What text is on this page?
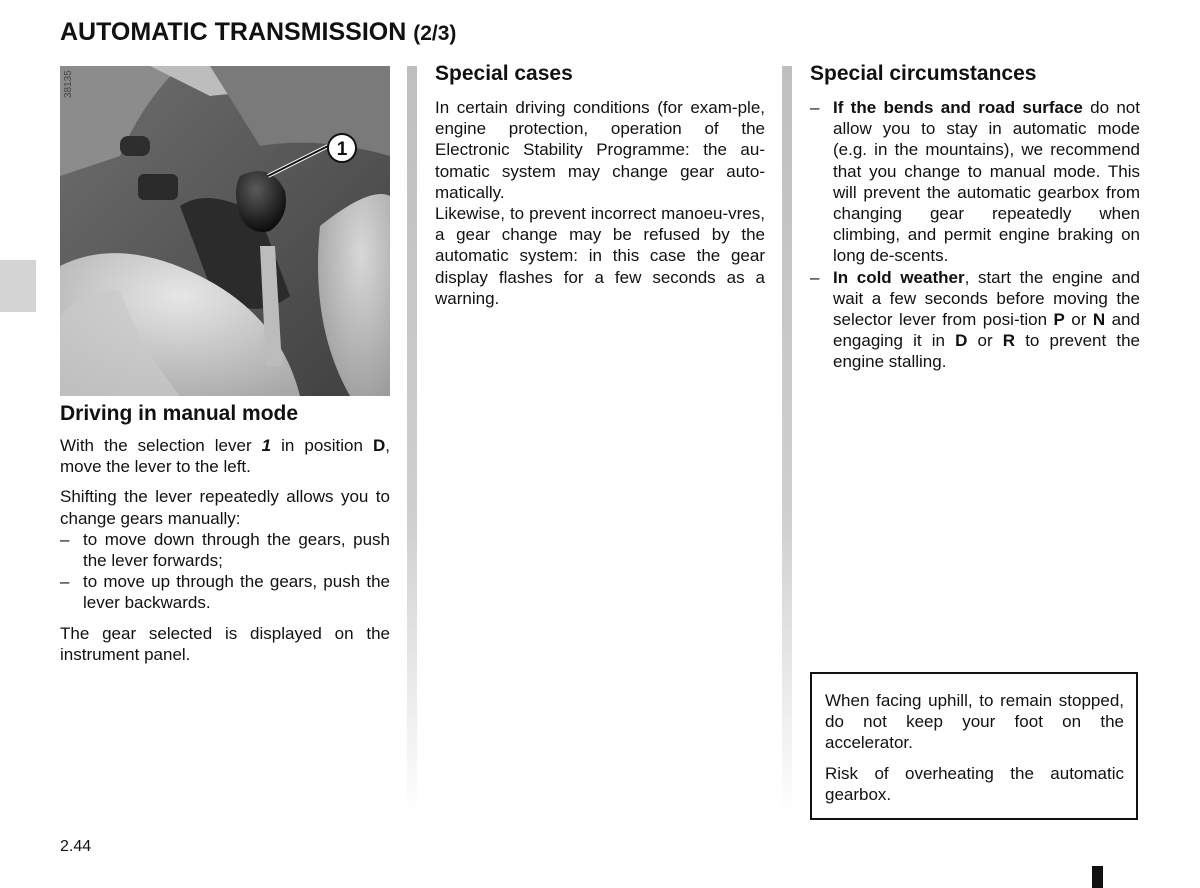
AUTOMATIC TRANSMISSION (2/3)
1
38135
Driving in manual mode

With the selection lever 1 in position D, move the lever to the left.

Shifting the lever repeatedly allows you to change gears manually:

– to move down through the gears, push the lever forwards;
– to move up through the gears, push the lever backwards.

The gear selected is displayed on the instrument panel.

Special cases

In certain driving conditions (for exam-ple, engine protection, operation of the Electronic Stability Programme: the au-tomatic system may change gear auto-matically.

Likewise, to prevent incorrect manoeu-vres, a gear change may be refused by the automatic system: in this case the gear display flashes for a few seconds as a warning.

Special circumstances
– If the bends and road surface do not allow you to stay in automatic mode (e.g. in the mountains), we recommend that you change to manual mode. This will prevent the automatic gearbox from changing gear repeatedly when climbing, and permit engine braking on long de-scents.
– In cold weather, start the engine and wait a few seconds before moving the selector lever from posi-tion P or N and engaging it in D or R to prevent the engine stalling.

When facing uphill, to remain stopped, do not keep your foot on the accelerator.

Risk of overheating the automatic gearbox.

2.44
